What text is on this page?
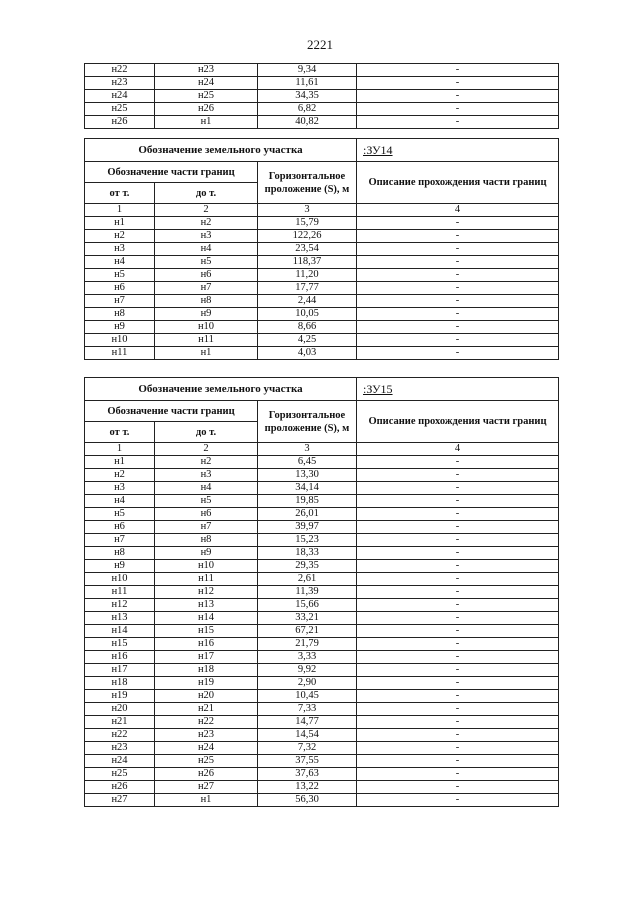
2221
н22	н23	9,34	-
н23	н24	11,61	-
н24	н25	34,35	-
н25	н26	6,82	-
н26	н1	40,82	-
Обозначение земельного участка			:ЗУ14
Обозначение части границ		Горизонтальное проложение (S), м	Описание прохождения части границ
от т.	до т.		
1	2	3	4
н1	н2	15,79	-
н2	н3	122,26	-
н3	н4	23,54	-
н4	н5	118,37	-
н5	н6	11,20	-
н6	н7	17,77	-
н7	н8	2,44	-
н8	н9	10,05	-
н9	н10	8,66	-
н10	н11	4,25	-
н11	н1	4,03	-
Обозначение земельного участка			:ЗУ15
Обозначение части границ		Горизонтальное проложение (S), м	Описание прохождения части границ
от т.	до т.		
1	2	3	4
н1	н2	6,45	-
н2	н3	13,30	-
н3	н4	34,14	-
н4	н5	19,85	-
н5	н6	26,01	-
н6	н7	39,97	-
н7	н8	15,23	-
н8	н9	18,33	-
н9	н10	29,35	-
н10	н11	2,61	-
н11	н12	11,39	-
н12	н13	15,66	-
н13	н14	33,21	-
н14	н15	67,21	-
н15	н16	21,79	-
н16	н17	3,33	-
н17	н18	9,92	-
н18	н19	2,90	-
н19	н20	10,45	-
н20	н21	7,33	-
н21	н22	14,77	-
н22	н23	14,54	-
н23	н24	7,32	-
н24	н25	37,55	-
н25	н26	37,63	-
н26	н27	13,22	-
н27	н1	56,30	-
